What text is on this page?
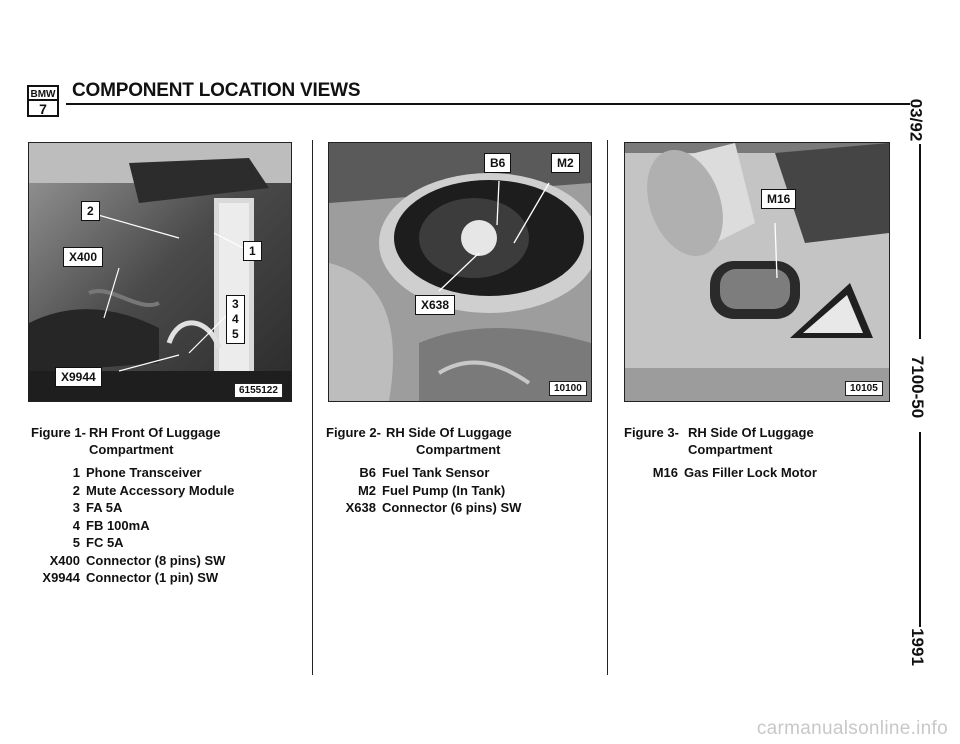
BMW
7
COMPONENT LOCATION VIEWS
03/92
7100-50
1991
2
X400	1
3
4
5
X9944
6155122
B6	M2
X638
10100
M16
10105
Figure 1- RH Front Of Luggage
Compartment
1 Phone Transceiver
2 Mute Accessory Module
3 FA 5A
4 FB 100mA
5 FC 5A
X400 Connector (8 pins) SW
X9944 Connector (1 pin) SW
Figure 2- RH Side Of Luggage
Compartment
B6 Fuel Tank Sensor
M2 Fuel Pump (In Tank)
X638 Connector (6 pins) SW
Figure 3- RH Side Of Luggage
Compartment
M16 Gas Filler Lock Motor
carmanualsonline.info
